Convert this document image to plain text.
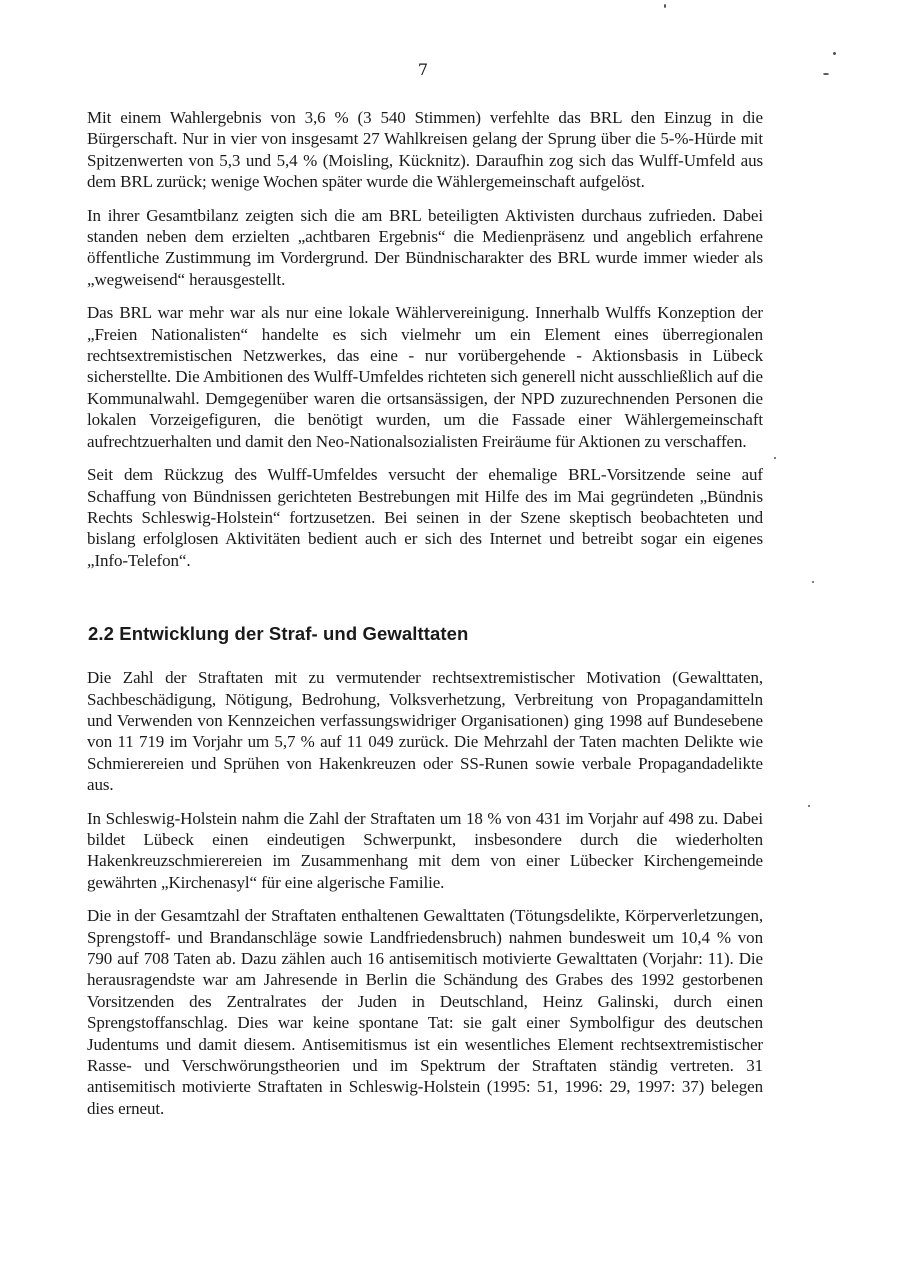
7

Mit einem Wahlergebnis von 3,6 % (3 540 Stimmen) verfehlte das BRL den Einzug in die Bürgerschaft. Nur in vier von insgesamt 27 Wahlkreisen gelang der Sprung über die 5-%-Hürde mit Spitzenwerten von 5,3 und 5,4 % (Moisling, Kücknitz). Daraufhin zog sich das Wulff-Umfeld aus dem BRL zurück; wenige Wochen später wurde die Wählergemeinschaft aufgelöst.

In ihrer Gesamtbilanz zeigten sich die am BRL beteiligten Aktivisten durchaus zufrieden. Dabei standen neben dem erzielten „achtbaren Ergebnis“ die Medienpräsenz und angeblich erfahrene öffentliche Zustimmung im Vordergrund. Der Bündnischarakter des BRL wurde immer wieder als „wegweisend“ herausgestellt.

Das BRL war mehr war als nur eine lokale Wählervereinigung. Innerhalb Wulffs Konzeption der „Freien Nationalisten“ handelte es sich vielmehr um ein Element eines überregionalen rechtsextremistischen Netzwerkes, das eine - nur vorübergehende - Aktionsbasis in Lübeck sicherstellte. Die Ambitionen des Wulff-Umfeldes richteten sich generell nicht ausschließlich auf die Kommunalwahl. Demgegenüber waren die ortsansässigen, der NPD zuzurechnenden Personen die lokalen Vorzeigefiguren, die benötigt wurden, um die Fassade einer Wählergemeinschaft aufrechtzuerhalten und damit den Neo-Nationalsozialisten Freiräume für Aktionen zu verschaffen.

Seit dem Rückzug des Wulff-Umfeldes versucht der ehemalige BRL-Vorsitzende seine auf Schaffung von Bündnissen gerichteten Bestrebungen mit Hilfe des im Mai gegründeten „Bündnis Rechts Schleswig-Holstein“ fortzusetzen. Bei seinen in der Szene skeptisch beobachteten und bislang erfolglosen Aktivitäten bedient auch er sich des Internet und betreibt sogar ein eigenes „Info-Telefon“.

2.2 Entwicklung der Straf- und Gewalttaten

Die Zahl der Straftaten mit zu vermutender rechtsextremistischer Motivation (Gewalttaten, Sachbeschädigung, Nötigung, Bedrohung, Volksverhetzung, Verbreitung von Propagandamitteln und Verwenden von Kennzeichen verfassungswidriger Organisationen) ging 1998 auf Bundesebene von 11 719 im Vorjahr um 5,7 % auf 11 049 zurück. Die Mehrzahl der Taten machten Delikte wie Schmierereien und Sprühen von Hakenkreuzen oder SS-Runen sowie verbale Propagandadelikte aus.

In Schleswig-Holstein nahm die Zahl der Straftaten um 18 % von 431 im Vorjahr auf 498 zu. Dabei bildet Lübeck einen eindeutigen Schwerpunkt, insbesondere durch die wiederholten Hakenkreuzschmierereien im Zusammenhang mit dem von einer Lübecker Kirchengemeinde gewährten „Kirchenasyl“ für eine algerische Familie.

Die in der Gesamtzahl der Straftaten enthaltenen Gewalttaten (Tötungsdelikte, Körperverletzungen, Sprengstoff- und Brandanschläge sowie Landfriedensbruch) nahmen bundesweit um 10,4 % von 790 auf 708 Taten ab. Dazu zählen auch 16 antisemitisch motivierte Gewalttaten (Vorjahr: 11). Die herausragendste war am Jahresende in Berlin die Schändung des Grabes des 1992 gestorbenen Vorsitzenden des Zentralrates der Juden in Deutschland, Heinz Galinski, durch einen Sprengstoffanschlag. Dies war keine spontane Tat: sie galt einer Symbolfigur des deutschen Judentums und damit diesem. Antisemitismus ist ein wesentliches Element rechtsextremistischer Rasse- und Verschwörungstheorien und im Spektrum der Straftaten ständig vertreten. 31 antisemitisch motivierte Straftaten in Schleswig-Holstein (1995: 51, 1996: 29, 1997: 37) belegen dies erneut.
